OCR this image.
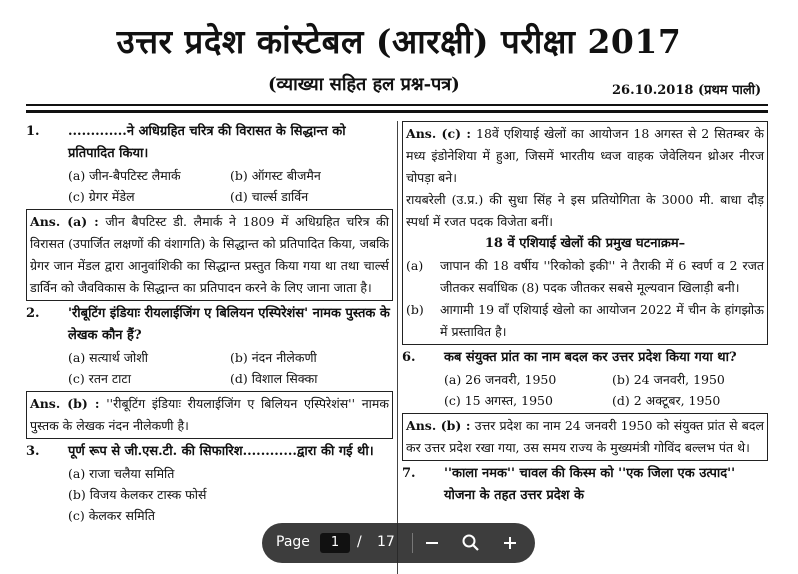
उत्तर प्रदेश कांस्टेबल (आरक्षी) परीक्षा 2017
(व्याख्या सहित हल प्रश्न-पत्र)	26.10.2018 (प्रथम पाली)
1.	.............ने अधिग्रहित चरित्र की विरासत के सिद्धान्त को प्रतिपादित किया।
(a) जीन-बैपटिस्ट लैमार्क	(b) ऑगस्ट बीजमैन
(c) ग्रेगर मेंडेल	(d) चार्ल्स डार्विन
Ans. (a) : जीन बैपटिस्ट डी. लैमार्क ने 1809 में अधिग्रहित चरित्र की विरासत (उपार्जित लक्षणों की वंशागति) के सिद्धान्त को प्रतिपादित किया, जबकि ग्रेगर जान मेंडल द्वारा आनुवांशिकी का सिद्धान्त प्रस्तुत किया गया था तथा चार्ल्स डार्विन को जैवविकास के सिद्धान्त का प्रतिपादन करने के लिए जाना जाता है।
2.	'रीबूटिंग इंडियाः रीयलाईजिंग ए बिलियन एस्पिरेशंस' नामक पुस्तक के लेखक कौन हैं?
(a) सत्यार्थ जोशी	(b) नंदन नीलेकणी
(c) रतन टाटा	(d) विशाल सिक्का
Ans. (b) : ''रीबूटिंग इंडियाः रीयलाईजिंग ए बिलियन एस्पिरेशंस'' नामक पुस्तक के लेखक नंदन नीलेकणी है।
3.	पूर्ण रूप से जी.एस.टी. की सिफारिश............द्वारा की गई थी।
(a) राजा चलैया समिति
(b) विजय केलकर टास्क फोर्स
(c) केलकर समिति
Ans. (c) : 18वें एशियाई खेलों का आयोजन 18 अगस्त से 2 सितम्बर के मध्य इंडोनेशिया में हुआ, जिसमें भारतीय ध्वज वाहक जेवेलियन थ्रोअर नीरज चोपड़ा बने।
रायबरेली (उ.प्र.) की सुधा सिंह ने इस प्रतियोगिता के 3000 मी. बाधा दौड़ स्पर्धा में रजत पदक विजेता बनीं।
18 वें एशियाई खेलों की प्रमुख घटनाक्रम–
(a)	जापान की 18 वर्षीय ''रिकोको इकी'' ने तैराकी में 6 स्वर्ण व 2 रजत जीतकर सर्वाधिक (8) पदक जीतकर सबसे मूल्यवान खिलाड़ी बनी।
(b)	आगामी 19 वाँ एशियाई खेलो का आयोजन 2022 में चीन के हांगझोऊ में प्रस्तावित है।
6.	कब संयुक्त प्रांत का नाम बदल कर उत्तर प्रदेश किया गया था?
(a) 26 जनवरी, 1950	(b) 24 जनवरी, 1950
(c) 15 अगस्त, 1950	(d) 2 अक्टूबर, 1950
Ans. (b) : उत्तर प्रदेश का नाम 24 जनवरी 1950 को संयुक्त प्रांत से बदल कर उत्तर प्रदेश रखा गया, उस समय राज्य के मुख्यमंत्री गोविंद बल्लभ पंत थे।
7.	''काला नमक'' चावल की किस्म को ''एक जिला एक उत्पाद'' योजना के तहत उत्तर प्रदेश के
Page	1	/ 17
